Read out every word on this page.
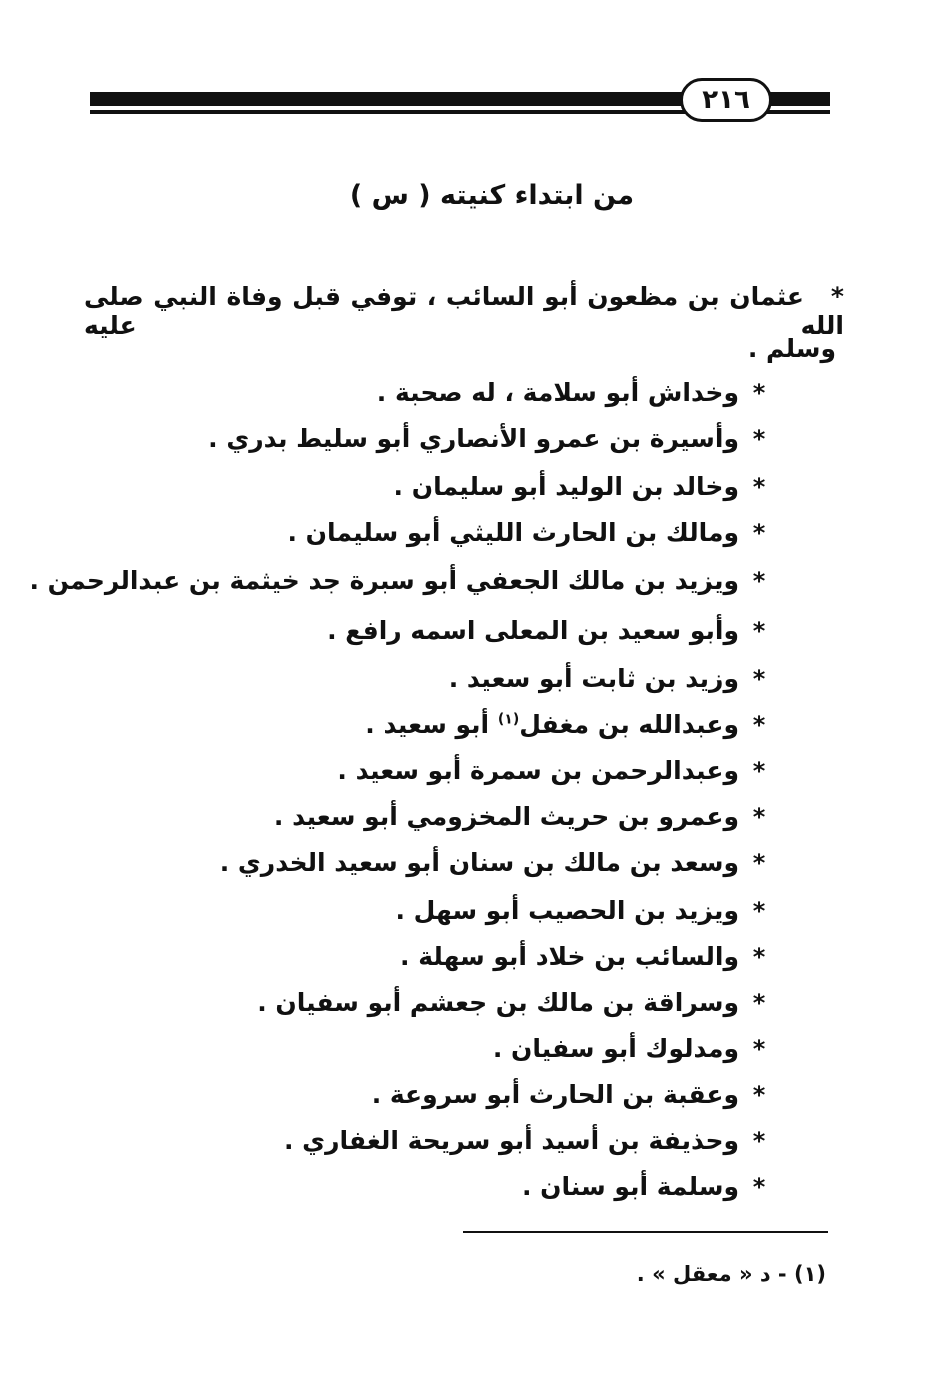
٢١٦
من ابتداء كنيته ( س )
*عثمان بن مظعون أبو السائب ، توفي قبل وفاة النبي صلى الله عليه
وسلم .
*وخداش أبو سلامة ، له صحبة .
*وأسيرة بن عمرو الأنصاري أبو سليط بدري .
*وخالد بن الوليد أبو سليمان .
*ومالك بن الحارث الليثي أبو سليمان .
*ويزيد بن مالك الجعفي أبو سبرة جد خيثمة بن عبدالرحمن .
*وأبو سعيد بن المعلى اسمه رافع .
*وزيد بن ثابت أبو سعيد .
*وعبدالله بن مغفل$^{(١)}$ أبو سعيد .
*وعبدالرحمن بن سمرة أبو سعيد .
*وعمرو بن حريث المخزومي أبو سعيد .
*وسعد بن مالك بن سنان أبو سعيد الخدري .
*ويزيد بن الحصيب أبو سهل .
*والسائب بن خلاد أبو سهلة .
*وسراقة بن مالك بن جعشم أبو سفيان .
*ومدلوك أبو سفيان .
*وعقبة بن الحارث أبو سروعة .
*وحذيفة بن أسيد أبو سريحة الغفاري .
*وسلمة أبو سنان .
(١) - د « معقل » .
